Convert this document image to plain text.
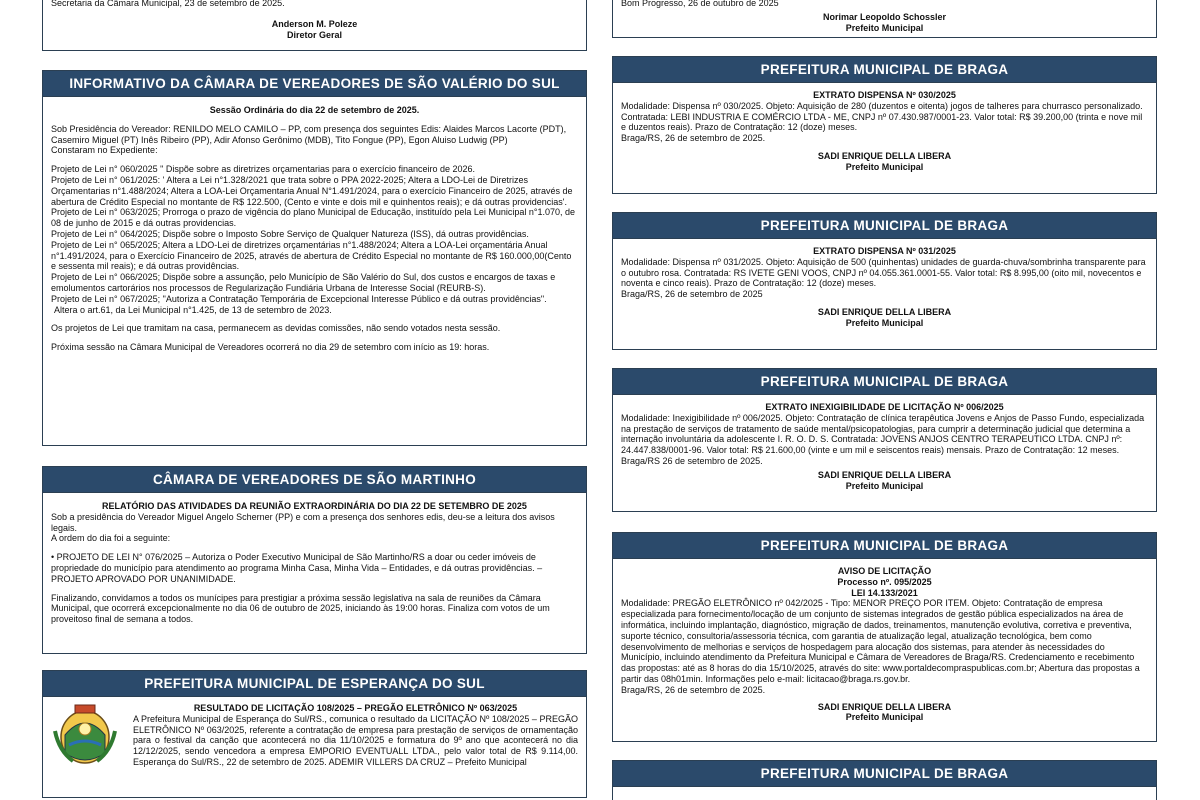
Secretaria da Câmara Municipal, 23 de setembro de 2025.
Anderson M. Poleze
Diretor Geral
Bom Progresso, 26 de outubro de 2025
Norimar Leopoldo Schossler
Prefeito Municipal
INFORMATIVO DA CÂMARA DE VEREADORES DE SÃO VALÉRIO DO SUL
Sessão Ordinária do dia 22 de setembro de 2025.
Sob Presidência do Vereador: RENILDO MELO CAMILO – PP, com presença dos seguintes Edis: Alaides Marcos Lacorte (PDT), Casemiro Miguel (PT) Inês Ribeiro (PP), Adir Afonso Gerônimo (MDB), Tito Fongue (PP), Egon Aluiso Ludwig (PP)
Constaram no Expediente:
Projeto de Lei n° 060/2025 " Dispõe sobre as diretrizes orçamentarias para o exercício financeiro de 2026.
Projeto de Lei n° 061/2025: ' Altera a Lei n°1.328/2021 que trata sobre o PPA 2022-2025; Altera a LDO-Lei de Diretrizes Orçamentarias n°1.488/2024; Altera a LOA-Lei Orçamentaria Anual N°1.491/2024, para o exercício Financeiro de 2025, através de abertura de Crédito Especial no montante de R$ 122.500, (Cento e vinte e dois mil e quinhentos reais); e dá outras providencias'.
Projeto de Lei n° 063/2025; Prorroga o prazo de vigência do plano Municipal de Educação, instituído pela Lei Municipal n°1.070, de 08 de junho de 2015 e dá outras providencias.
Projeto de Lei n° 064/2025; Dispõe sobre o Imposto Sobre Serviço de Qualquer Natureza (ISS), dá outras providências.
Projeto de Lei n° 065/2025; Altera a LDO-Lei de diretrizes orçamentárias n°1.488/2024; Altera a LOA-Lei orçamentária Anual n°1.491/2024, para o Exercício Financeiro de 2025, através de abertura de Crédito Especial no montante de R$ 160.000,00(Cento e sessenta mil reais); e dá outras providências.
Projeto de Lei n° 066/2025; Dispõe sobre a assunção, pelo Município de São Valério do Sul, dos custos e encargos de taxas e emolumentos cartorários nos processos de Regularização Fundiária Urbana de Interesse Social (REURB-S).
Projeto de Lei n° 067/2025; "Autoriza a Contratação Temporária de Excepcional Interesse Público e dá outras providências".
Altera o art.61, da Lei Municipal n°1.425, de 13 de setembro de 2023.
Os projetos de Lei que tramitam na casa, permanecem as devidas comissões, não sendo votados nesta sessão.
Próxima sessão na Câmara Municipal de Vereadores ocorrerá no dia 29 de setembro com início as 19: horas.
CÂMARA DE VEREADORES DE SÃO MARTINHO
RELATÓRIO DAS ATIVIDADES DA REUNIÃO EXTRAORDINÁRIA DO DIA 22 DE SETEMBRO DE 2025
Sob a presidência do Vereador Miguel Angelo Scherner (PP) e com a presença dos senhores edis, deu-se a leitura dos avisos legais.
A ordem do dia foi a seguinte:
• PROJETO DE LEI N° 076/2025 – Autoriza o Poder Executivo Municipal de São Martinho/RS a doar ou ceder imóveis de propriedade do município para atendimento ao programa Minha Casa, Minha Vida – Entidades, e dá outras providências. – PROJETO APROVADO POR UNANIMIDADE.
Finalizando, convidamos a todos os munícipes para prestigiar a próxima sessão legislativa na sala de reuniões da Câmara Municipal, que ocorrerá excepcionalmente no dia 06 de outubro de 2025, iniciando às 19:00 horas. Finaliza com votos de um proveitoso final de semana a todos.
PREFEITURA MUNICIPAL DE ESPERANÇA DO SUL
RESULTADO DE LICITAÇÃO 108/2025 – PREGÃO ELETRÔNICO Nº 063/2025
A Prefeitura Municipal de Esperança do Sul/RS., comunica o resultado da LICITAÇÃO Nº 108/2025 – PREGÃO ELETRÔNICO Nº 063/2025, referente a contratação de empresa para prestação de serviços de ornamentação para o festival da canção que acontecerá no dia 11/10/2025 e formatura do 9º ano que acontecerá no dia 12/12/2025, sendo vencedora a empresa EMPORIO EVENTUALL LTDA., pelo valor total de R$ 9.114,00. Esperança do Sul/RS., 22 de setembro de 2025. ADEMIR VILLERS DA CRUZ – Prefeito Municipal
PREFEITURA MUNICIPAL DE BRAGA
EXTRATO DISPENSA Nº 030/2025
Modalidade: Dispensa nº 030/2025. Objeto: Aquisição de 280 (duzentos e oitenta) jogos de talheres para churrasco personalizado. Contratada: LEBI INDUSTRIA E COMÉRCIO LTDA - ME, CNPJ nº 07.430.987/0001-23. Valor total: R$ 39.200,00 (trinta e nove mil e duzentos reais). Prazo de Contratação: 12 (doze) meses.
Braga/RS, 26 de setembro de 2025.
SADI ENRIQUE DELLA LIBERA
Prefeito Municipal
PREFEITURA MUNICIPAL DE BRAGA
EXTRATO DISPENSA Nº 031/2025
Modalidade: Dispensa nº 031/2025. Objeto: Aquisição de 500 (quinhentas) unidades de guarda-chuva/sombrinha transparente para o outubro rosa. Contratada: RS IVETE GENI VOOS, CNPJ nº 04.055.361.0001-55. Valor total: R$ 8.995,00 (oito mil, novecentos e noventa e cinco reais). Prazo de Contratação: 12 (doze) meses.
Braga/RS, 26 de setembro de 2025
SADI ENRIQUE DELLA LIBERA
Prefeito Municipal
PREFEITURA MUNICIPAL DE BRAGA
EXTRATO INEXIGIBILIDADE DE LICITAÇÃO Nº 006/2025
Modalidade: Inexigibilidade nº 006/2025. Objeto: Contratação de clínica terapêutica Jovens e Anjos de Passo Fundo, especializada na prestação de serviços de tratamento de saúde mental/psicopatologias, para cumprir a determinação judicial que determina a internação involuntária da adolescente I. R. O. D. S. Contratada: JOVENS ANJOS CENTRO TERAPEUTICO LTDA. CNPJ nº: 24.447.838/0001-96. Valor total: R$ 21.600,00 (vinte e um mil e seiscentos reais) mensais. Prazo de Contratação: 12 meses.
Braga/RS 26 de setembro de 2025.
SADI ENRIQUE DELLA LIBERA
Prefeito Municipal
PREFEITURA MUNICIPAL DE BRAGA
AVISO DE LICITAÇÃO
Processo nº. 095/2025
LEI 14.133/2021
Modalidade: PREGÃO ELETRÔNICO nº 042/2025 - Tipo: MENOR PREÇO POR ITEM. Objeto: Contratação de empresa especializada para fornecimento/locação de um conjunto de sistemas integrados de gestão pública especializados na área de informática, incluindo implantação, diagnóstico, migração de dados, treinamentos, manutenção evolutiva, corretiva e preventiva, suporte técnico, consultoria/assessoria técnica, com garantia de atualização legal, atualização tecnológica, bem como desenvolvimento de melhorias e serviços de hospedagem para alocação dos sistemas, para atender às necessidades do Município, incluindo atendimento da Prefeitura Municipal e Câmara de Vereadores de Braga/RS. Credenciamento e recebimento das propostas: até as 8 horas do dia 15/10/2025, através do site: www.portaldecomprasp​ublicas.com.br; Abertura das propostas a partir das 08h01min. Informações pelo e-mail: licitacao@braga.rs.gov.br.
Braga/RS, 26 de setembro de 2025.
SADI ENRIQUE DELLA LIBERA
Prefeito Municipal
PREFEITURA MUNICIPAL DE BRAGA
